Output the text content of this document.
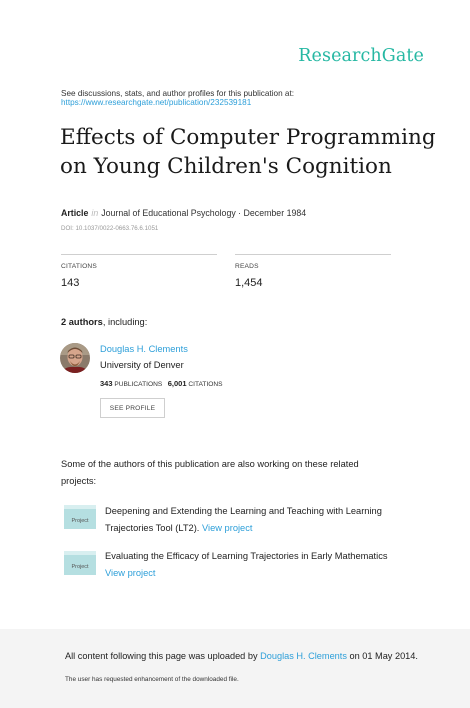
ResearchGate
See discussions, stats, and author profiles for this publication at:
https://www.researchgate.net/publication/232539181
Effects of Computer Programming on Young Children's Cognition
Article in Journal of Educational Psychology · December 1984
DOI: 10.1037/0022-0663.76.6.1051
CITATIONS
143
READS
1,454
2 authors, including:
Douglas H. Clements
University of Denver
343 PUBLICATIONS 6,001 CITATIONS
SEE PROFILE
Some of the authors of this publication are also working on these related projects:
Project
Deepening and Extending the Learning and Teaching with Learning Trajectories Tool (LT2). View project
Project
Evaluating the Efficacy of Learning Trajectories in Early Mathematics
View project
All content following this page was uploaded by Douglas H. Clements on 01 May 2014.
The user has requested enhancement of the downloaded file.
